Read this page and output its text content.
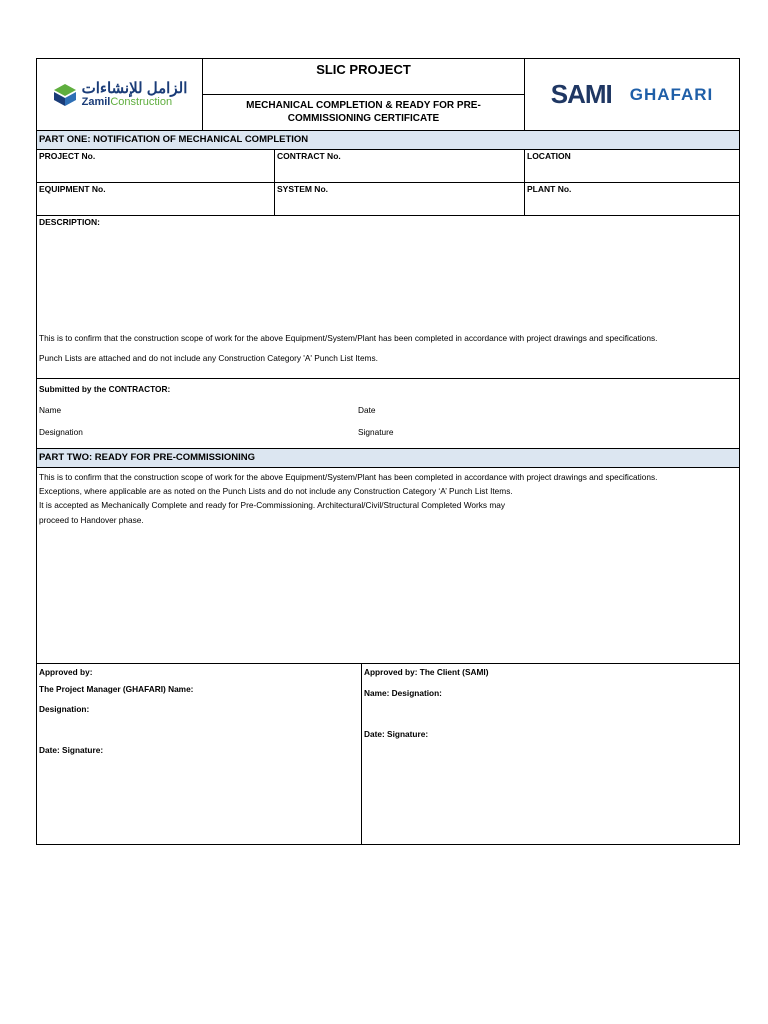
الزامل للإنشاءات
ZamilConstruction
SLIC PROJECT
MECHANICAL COMPLETION & READY FOR PRE-
COMMISSIONING CERTIFICATE
SAMI GHAFARI
PART ONE: NOTIFICATION OF MECHANICAL COMPLETION
PROJECT No.	CONTRACT No.	LOCATION
EQUIPMENT No.	SYSTEM No.	PLANT No.
DESCRIPTION:
This is to confirm that the construction scope of work for the above Equipment/System/Plant has been completed in accordance with project drawings and specifications.
Punch Lists are attached and do not include any Construction Category 'A' Punch List Items.
Submitted by the CONTRACTOR:
Name	Date
Designation	Signature
PART TWO: READY FOR PRE-COMMISSIONING
This is to confirm that the construction scope of work for the above Equipment/System/Plant has been completed in accordance with project drawings and specifications.
Exceptions, where applicable are as noted on the Punch Lists and do not include any Construction Category ‘A’ Punch List Items.
It is accepted as Mechanically Complete and ready for Pre-Commissioning. Architectural/Civil/Structural Completed Works may
proceed to Handover phase.
Approved by:
The Project Manager (GHAFARI) Name:
Designation:
Date: Signature:
Approved by: The Client (SAMI)
Name: Designation:
Date: Signature:
